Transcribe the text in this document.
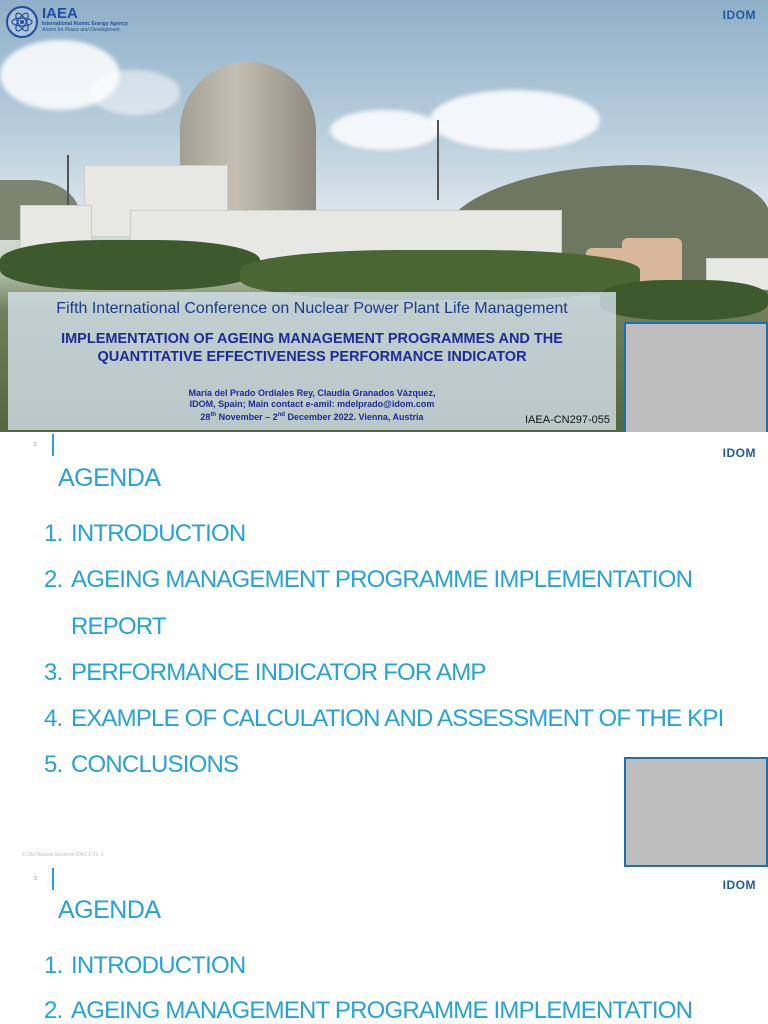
IAEA
International Atomic Energy Agency
Atoms for Peace and Development
IDOM
Fifth International Conference on Nuclear Power Plant Life Management
IMPLEMENTATION OF AGEING MANAGEMENT PROGRAMMES AND THE
QUANTITATIVE EFFECTIVENESS PERFORMANCE INDICATOR
María del Prado Ordiales Rey, Claudia Granados Vázquez,
IDOM, Spain; Main contact e-amil: mdelprado@idom.com
28th November – 2nd December 2022. Vienna, Austria	IAEA-CN297-055
2
IDOM
AGENDA
1. INTRODUCTION
2. AGEING MANAGEMENT PROGRAMME IMPLEMENTATION
REPORT
3. PERFORMANCE INDICATOR FOR AMP
4. EXAMPLE OF CALCULATION AND ASSESSMENT OF THE KPI
5. CONCLUSIONS
© Old Nuclear Services 0041 1 V1, 1
3	IDOM
AGENDA
1. INTRODUCTION
2. AGEING MANAGEMENT PROGRAMME IMPLEMENTATION
